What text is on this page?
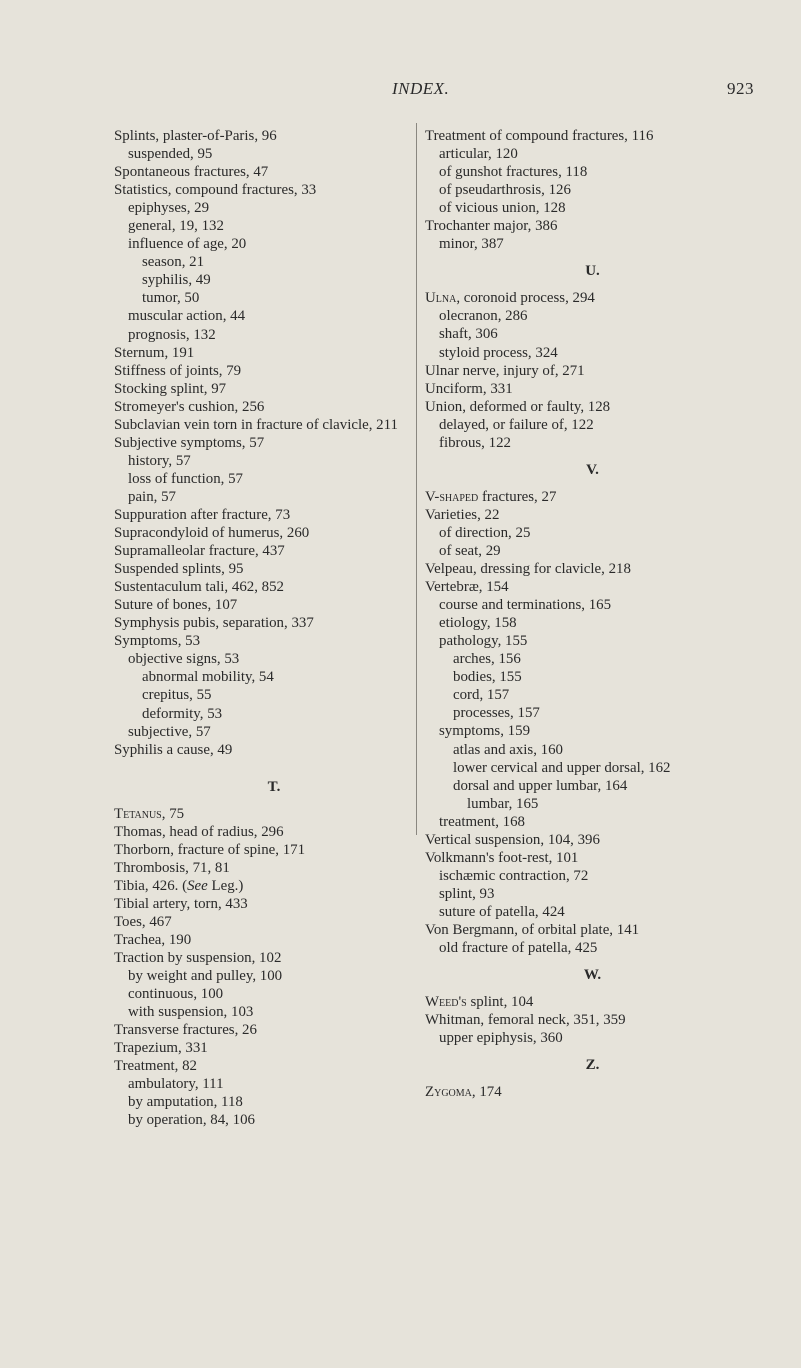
INDEX.	923
Splints, plaster-of-Paris, 96
suspended, 95
Spontaneous fractures, 47
Statistics, compound fractures, 33
epiphyses, 29
general, 19, 132
influence of age, 20
season, 21
syphilis, 49
tumor, 50
muscular action, 44
prognosis, 132
Sternum, 191
Stiffness of joints, 79
Stocking splint, 97
Stromeyer's cushion, 256
Subclavian vein torn in fracture of clavicle, 211
Subjective symptoms, 57
history, 57
loss of function, 57
pain, 57
Suppuration after fracture, 73
Supracondyloid of humerus, 260
Supramalleolar fracture, 437
Suspended splints, 95
Sustentaculum tali, 462, 852
Suture of bones, 107
Symphysis pubis, separation, 337
Symptoms, 53
objective signs, 53
abnormal mobility, 54
crepitus, 55
deformity, 53
subjective, 57
Syphilis a cause, 49
T.
Tetanus, 75
Thomas, head of radius, 296
Thorborn, fracture of spine, 171
Thrombosis, 71, 81
Tibia, 426. (See Leg.)
Tibial artery, torn, 433
Toes, 467
Trachea, 190
Traction by suspension, 102
by weight and pulley, 100
continuous, 100
with suspension, 103
Transverse fractures, 26
Trapezium, 331
Treatment, 82
ambulatory, 111
by amputation, 118
by operation, 84, 106
Treatment of compound fractures, 116
articular, 120
of gunshot fractures, 118
of pseudarthrosis, 126
of vicious union, 128
Trochanter major, 386
minor, 387
U.
Ulna, coronoid process, 294
olecranon, 286
shaft, 306
styloid process, 324
Ulnar nerve, injury of, 271
Unciform, 331
Union, deformed or faulty, 128
delayed, or failure of, 122
fibrous, 122
V.
V-shaped fractures, 27
Varieties, 22
of direction, 25
of seat, 29
Velpeau, dressing for clavicle, 218
Vertebræ, 154
course and terminations, 165
etiology, 158
pathology, 155
arches, 156
bodies, 155
cord, 157
processes, 157
symptoms, 159
atlas and axis, 160
lower cervical and upper dorsal, 162
dorsal and upper lumbar, 164
lumbar, 165
treatment, 168
Vertical suspension, 104, 396
Volkmann's foot-rest, 101
ischæmic contraction, 72
splint, 93
suture of patella, 424
Von Bergmann, of orbital plate, 141
old fracture of patella, 425
W.
Weed's splint, 104
Whitman, femoral neck, 351, 359
upper epiphysis, 360
Z.
Zygoma, 174
